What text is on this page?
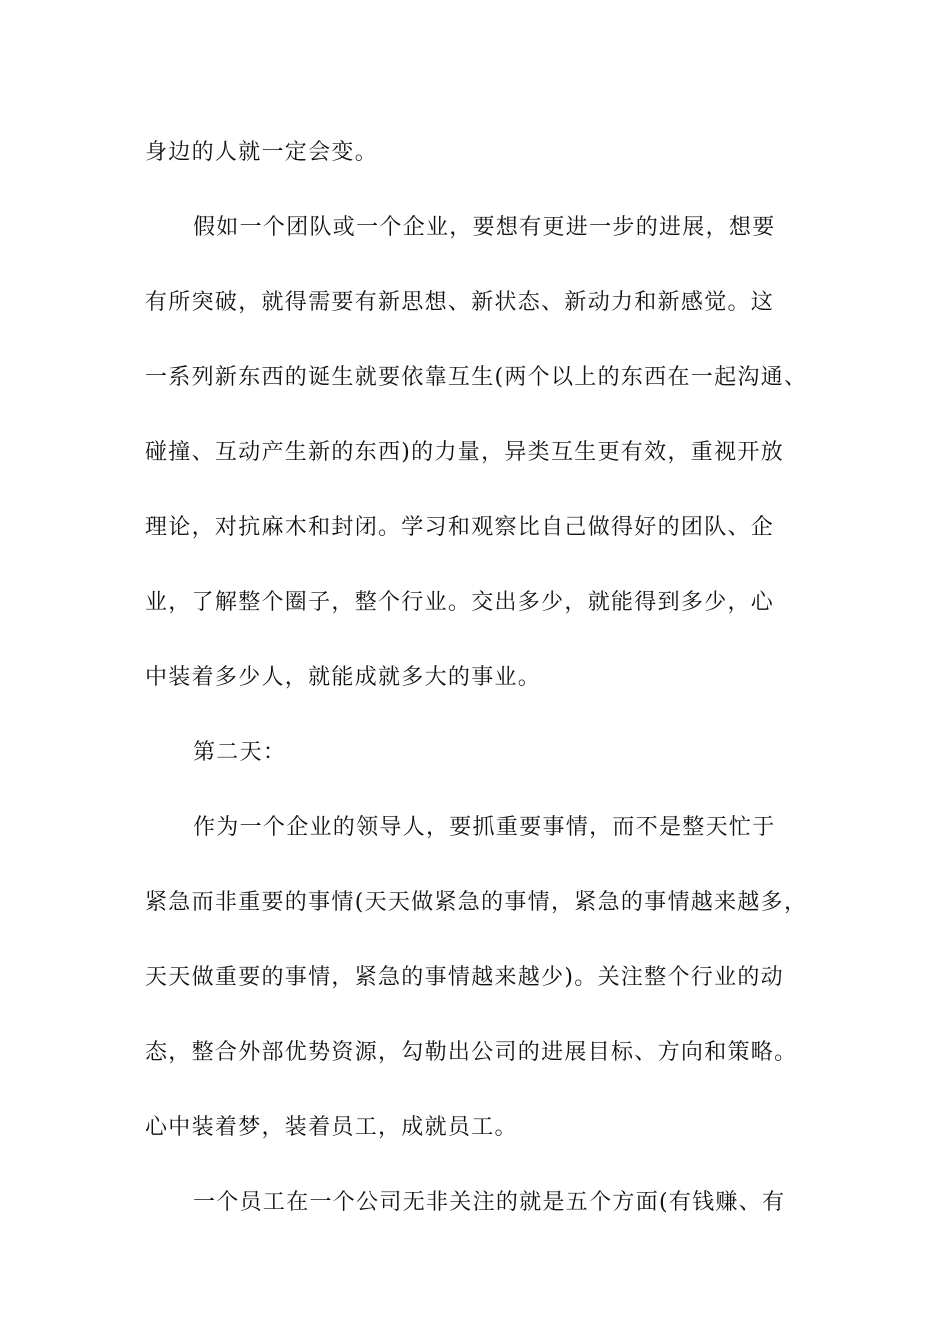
身边的人就一定会变。
假如一个团队或一个企业，要想有更进一步的进展，想要
有所突破，就得需要有新思想、新状态、新动力和新感觉。这
一系列新东西的诞生就要依靠互生(两个以上的东西在一起沟通、
碰撞、互动产生新的东西)的力量，异类互生更有效，重视开放
理论，对抗麻木和封闭。学习和观察比自己做得好的团队、企
业，了解整个圈子，整个行业。交出多少，就能得到多少，心
中装着多少人，就能成就多大的事业。
第二天：
作为一个企业的领导人，要抓重要事情，而不是整天忙于
紧急而非重要的事情(天天做紧急的事情，紧急的事情越来越多，
天天做重要的事情，紧急的事情越来越少)。关注整个行业的动
态，整合外部优势资源，勾勒出公司的进展目标、方向和策略。
心中装着梦，装着员工，成就员工。
一个员工在一个公司无非关注的就是五个方面(有钱赚、有
